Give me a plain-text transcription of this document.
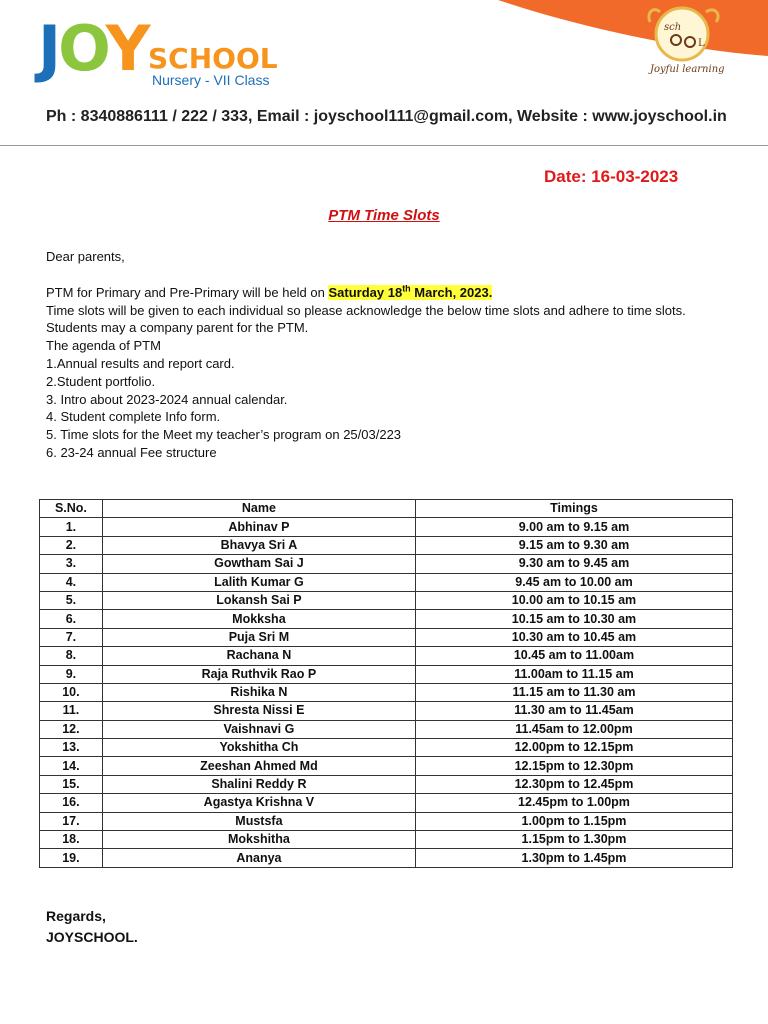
JOY SCHOOL
Nursery - VII Class
sch
L
Joyful learning
Ph : 8340886111 / 222 / 333, Email : joyschool111@gmail.com, Website : www.joyschool.in
Date: 16-03-2023
PTM Time Slots

Dear parents,

PTM for Primary and Pre-Primary will be held on Saturday 18th March, 2023.

Time slots will be given to each individual so please acknowledge the below time slots and adhere to time slots.

Students may a company parent for the PTM.

The agenda of PTM

1.Annual results and report card.

2.Student portfolio.

3. Intro about 2023-2024 annual calendar.

4. Student complete Info form.

5. Time slots for the Meet my teacher’s program on 25/03/223

6. 23-24 annual Fee structure

S.No.	Name	Timings
1.	Abhinav P	9.00 am to 9.15 am
2.	Bhavya Sri A	9.15 am to 9.30 am
3.	Gowtham Sai J	9.30 am to 9.45 am
4.	Lalith Kumar G	9.45 am to 10.00 am
5.	Lokansh Sai P	10.00 am to 10.15 am
6.	Mokksha	10.15 am to 10.30 am
7.	Puja Sri M	10.30 am to 10.45 am
8.	Rachana N	10.45 am to 11.00am
9.	Raja Ruthvik Rao P	11.00am to 11.15 am
10.	Rishika N	11.15 am to 11.30 am
11.	Shresta Nissi E	11.30 am to 11.45am
12.	Vaishnavi G	11.45am to 12.00pm
13.	Yokshitha Ch	12.00pm to 12.15pm
14.	Zeeshan Ahmed Md	12.15pm to 12.30pm
15.	Shalini Reddy R	12.30pm to 12.45pm
16.	Agastya Krishna V	12.45pm to 1.00pm
17.	Mustsfa	1.00pm to 1.15pm
18.	Mokshitha	1.15pm to 1.30pm
19.	Ananya	1.30pm to 1.45pm
Regards,
JOYSCHOOL.
